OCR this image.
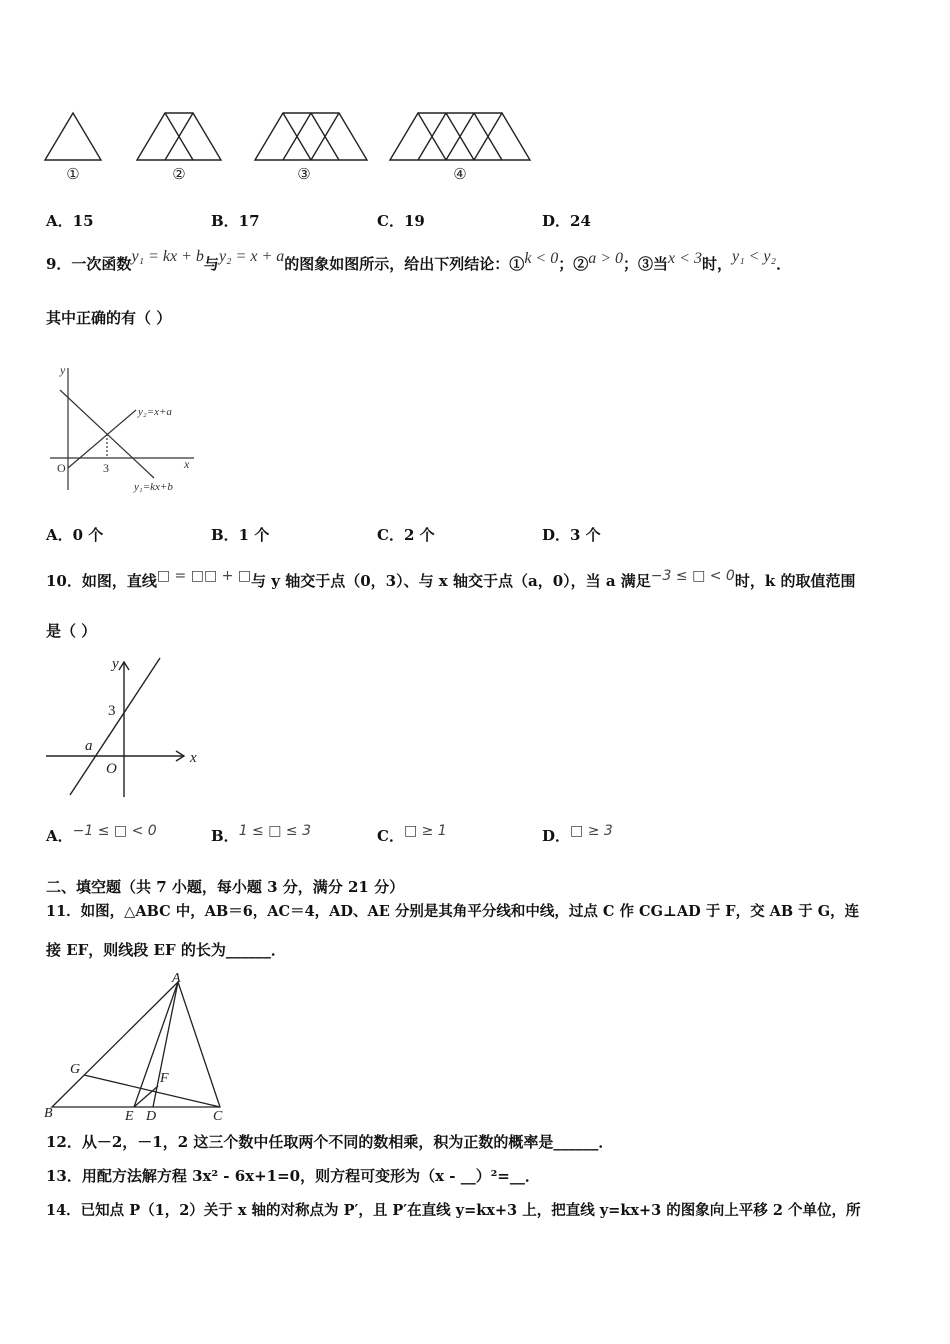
①	②	③	④
A．15	B．17	C．19	D．24
9．一次函数y₁ = kx + b与y₂ = x + a的图象如图所示，给出下列结论：①k < 0；②a > 0；③当x < 3时，y₁ < y₂．
其中正确的有（ ）
y
x
O	3
y₂=x+a
y₁=kx+b
A．0 个	B．1 个	C．2 个	D．3 个
10．如图，直线□ = □□ + □与 y 轴交于点（0，3）、与 x 轴交于点（a，0），当 a 满足−3 ≤ □ < 0时，k 的取值范围
是（ ）
y
x
O
3
a
A．−1 ≤ □ < 0	B．1 ≤ □ ≤ 3	C．□ ≥ 1	D．□ ≥ 3
二、填空题（共 7 小题，每小题 3 分，满分 21 分）
11．如图，△ABC 中，AB＝6，AC＝4，AD、AE 分别是其角平分线和中线，过点 C 作 CG⊥AD 于 F，交 AB 于 G，连
接 EF，则线段 EF 的长为______．
A
B	C
D
E
F
G
12．从－2，－1，2 这三个数中任取两个不同的数相乘，积为正数的概率是______．
13．用配方法解方程 3x² - 6x+1=0，则方程可变形为（x - __）²=__．
14．已知点 P（1，2）关于 x 轴的对称点为 P′，且 P′在直线 y=kx+3 上，把直线 y=kx+3 的图象向上平移 2 个单位，所
